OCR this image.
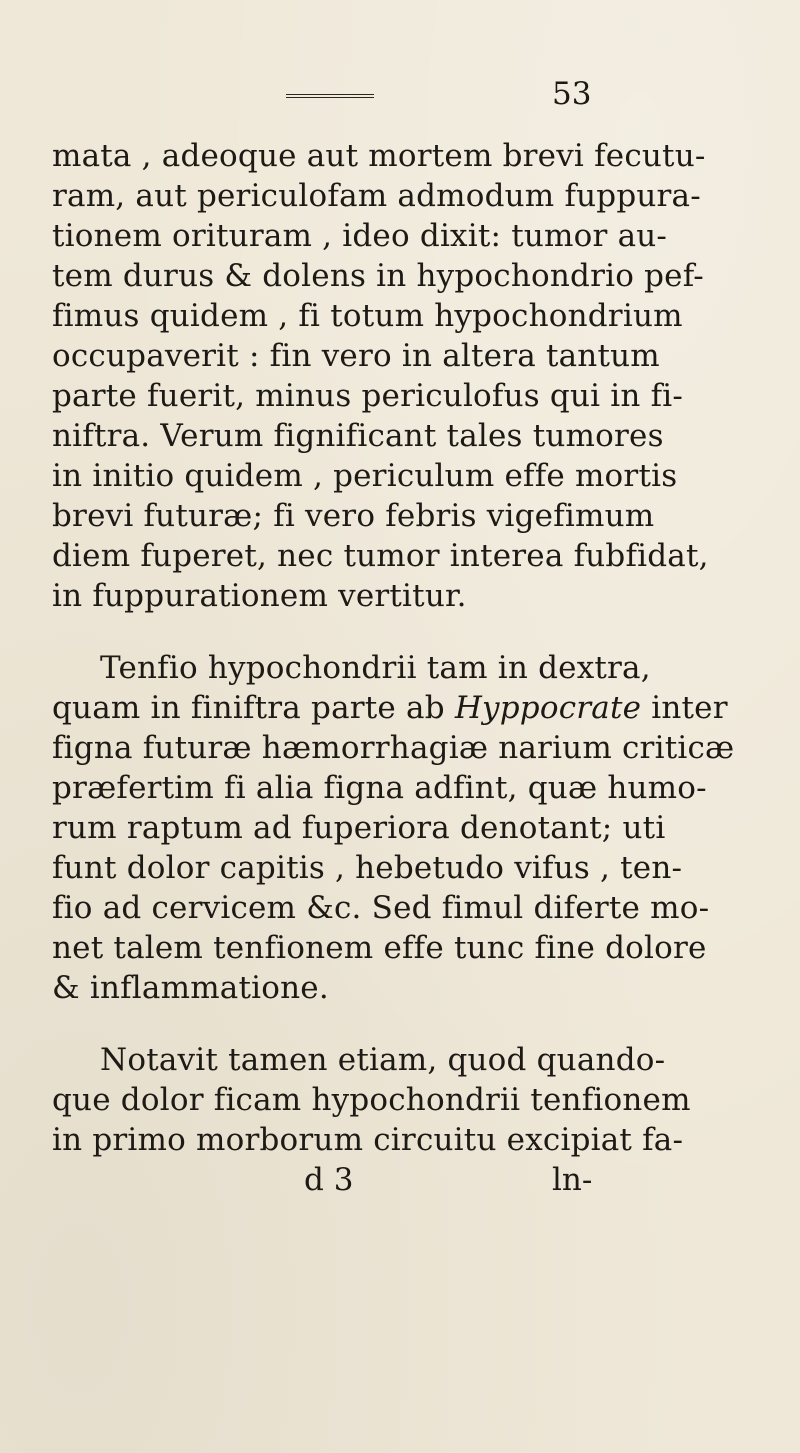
53
mata , adeoque aut mortem brevi fecutu-
ram, aut periculofam admodum fuppura-
tionem orituram , ideo dixit: tumor au-
tem durus & dolens in hypochondrio pef-
fimus quidem , fi totum hypochondrium
occupaverit : fin vero in altera tantum
parte fuerit, minus periculofus qui in fi-
niftra. Verum fignificant tales tumores
in initio quidem , periculum effe mortis
brevi futuræ; fi vero febris vigefimum
diem fuperet, nec tumor interea fubfidat,
in fuppurationem vertitur.
Tenfio hypochondrii tam in dextra,
quam in finiftra parte ab Hyppocrate inter
figna futuræ hæmorrhagiæ narium criticæ
præfertim fi alia figna adfint, quæ humo-
rum raptum ad fuperiora denotant; uti
funt dolor capitis , hebetudo vifus , ten-
fio ad cervicem &c. Sed fimul diferte mo-
net talem tenfionem effe tunc fine dolore
& inflammatione.
Notavit tamen etiam, quod quando-
que dolor ficam hypochondrii tenfionem
in primo morborum circuitu excipiat fa-
d 3	ln-
